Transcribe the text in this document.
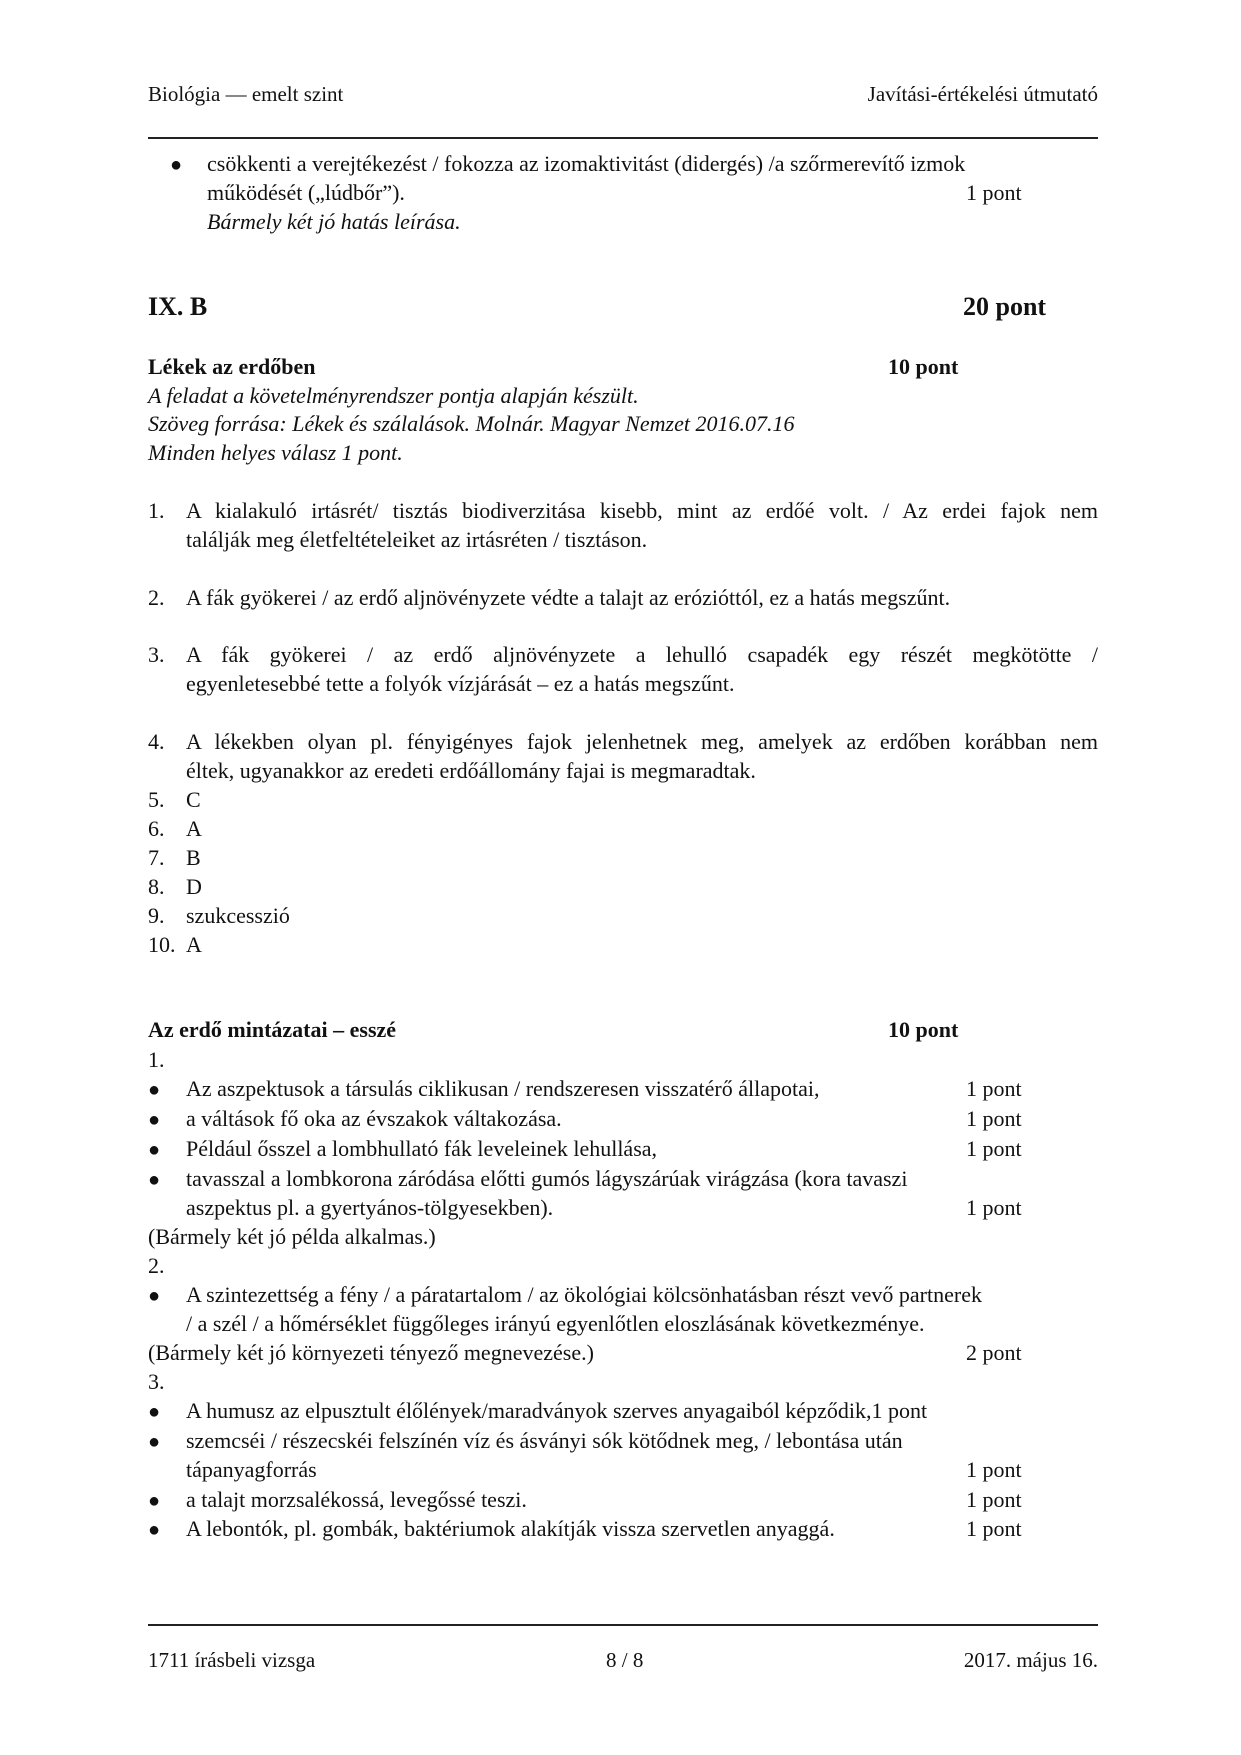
Biológia — emelt szint	Javítási-értékelési útmutató
● csökkenti a verejtékezést / fokozza az izomaktivitást (didergés) /a szőrmerevítő izmok
működését („lúdbőr”).	1 pont
Bármely két jó hatás leírása.
IX. B	20 pont
Lékek az erdőben	10 pont
A feladat a követelményrendszer pontja alapján készült.
Szöveg forrása: Lékek és szálalások. Molnár. Magyar Nemzet 2016.07.16
Minden helyes válasz 1 pont.
1. A kialakuló irtásrét/ tisztás biodiverzitása kisebb, mint az erdőé volt. / Az erdei fajok nem
találják meg életfeltételeiket az irtásréten / tisztáson.
2. A fák gyökerei / az erdő aljnövényzete védte a talajt az erózióttól, ez a hatás megszűnt.
3. A fák gyökerei / az erdő aljnövényzete a lehulló csapadék egy részét megkötötte /
egyenletesebbé tette a folyók vízjárását – ez a hatás megszűnt.
4. A lékekben olyan pl. fényigényes fajok jelenhetnek meg, amelyek az erdőben korábban nem
éltek, ugyanakkor az eredeti erdőállomány fajai is megmaradtak.
5. C
6. A
7. B
8. D
9. szukcesszió
10. A
Az erdő mintázatai – esszé	10 pont
1.
● Az aszpektusok a társulás ciklikusan / rendszeresen visszatérő állapotai,	1 pont
● a váltások fő oka az évszakok váltakozása.	1 pont
● Például ősszel a lombhullató fák leveleinek lehullása,	1 pont
● tavasszal a lombkorona záródása előtti gumós lágyszárúak virágzása (kora tavaszi
aszpektus pl. a gyertyános-tölgyesekben).	1 pont
(Bármely két jó példa alkalmas.)
2.
● A szintezettség a fény / a páratartalom / az ökológiai kölcsönhatásban részt vevő partnerek
/ a szél / a hőmérséklet függőleges irányú egyenlőtlen eloszlásának következménye.
(Bármely két jó környezeti tényező megnevezése.)	2 pont
3.
● A humusz az elpusztult élőlények/maradványok szerves anyagaiból képződik,1 pont
● szemcséi / részecskéi felszínén víz és ásványi sók kötődnek meg, / lebontása után
tápanyagforrás	1 pont
● a talajt morzsalékossá, levegőssé teszi.	1 pont
● A lebontók, pl. gombák, baktériumok alakítják vissza szervetlen anyaggá.	1 pont
1711 írásbeli vizsga	8 / 8	2017. május 16.
